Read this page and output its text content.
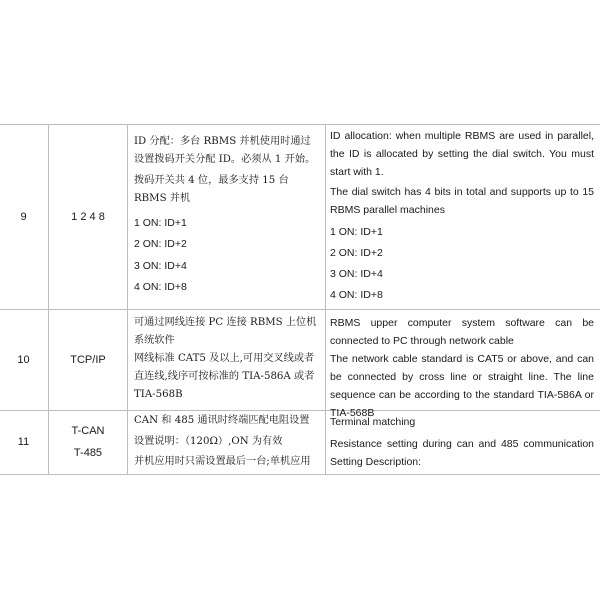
9	1 2 4 8
ID 分配：多台 RBMS 并机使用时通过设置拨码开关分配 ID。必须从 1 开始。
拨码开关共 4 位，最多支持 15 台 RBMS 并机
1 ON: ID+1
2 ON: ID+2
3 ON: ID+4
4 ON: ID+8
ID allocation: when multiple RBMS are used in parallel, the ID is allocated by setting the dial switch. You must start with 1.
The dial switch has 4 bits in total and supports up to 15 RBMS parallel machines
1 ON: ID+1
2 ON: ID+2
3 ON: ID+4
4 ON: ID+8
10	TCP/IP
可通过网线连接 PC 连接 RBMS 上位机系统软件
网线标准 CAT5 及以上,可用交叉线或者直连线,线序可按标准的 TIA-586A 或者 TIA-568B
RBMS upper computer system software can be connected to PC through network cable
The network cable standard is CAT5 or above, and can be connected by cross line or straight line. The line sequence can be according to the standard TIA-586A or TIA-568B
11
T-CAN
T-485
CAN 和 485 通讯时终端匹配电阻设置
设置说明：（120Ω）,ON 为有效
并机应用时只需设置最后一台;单机应用
Terminal matching
Resistance setting during can and 485 communication Setting Description:
